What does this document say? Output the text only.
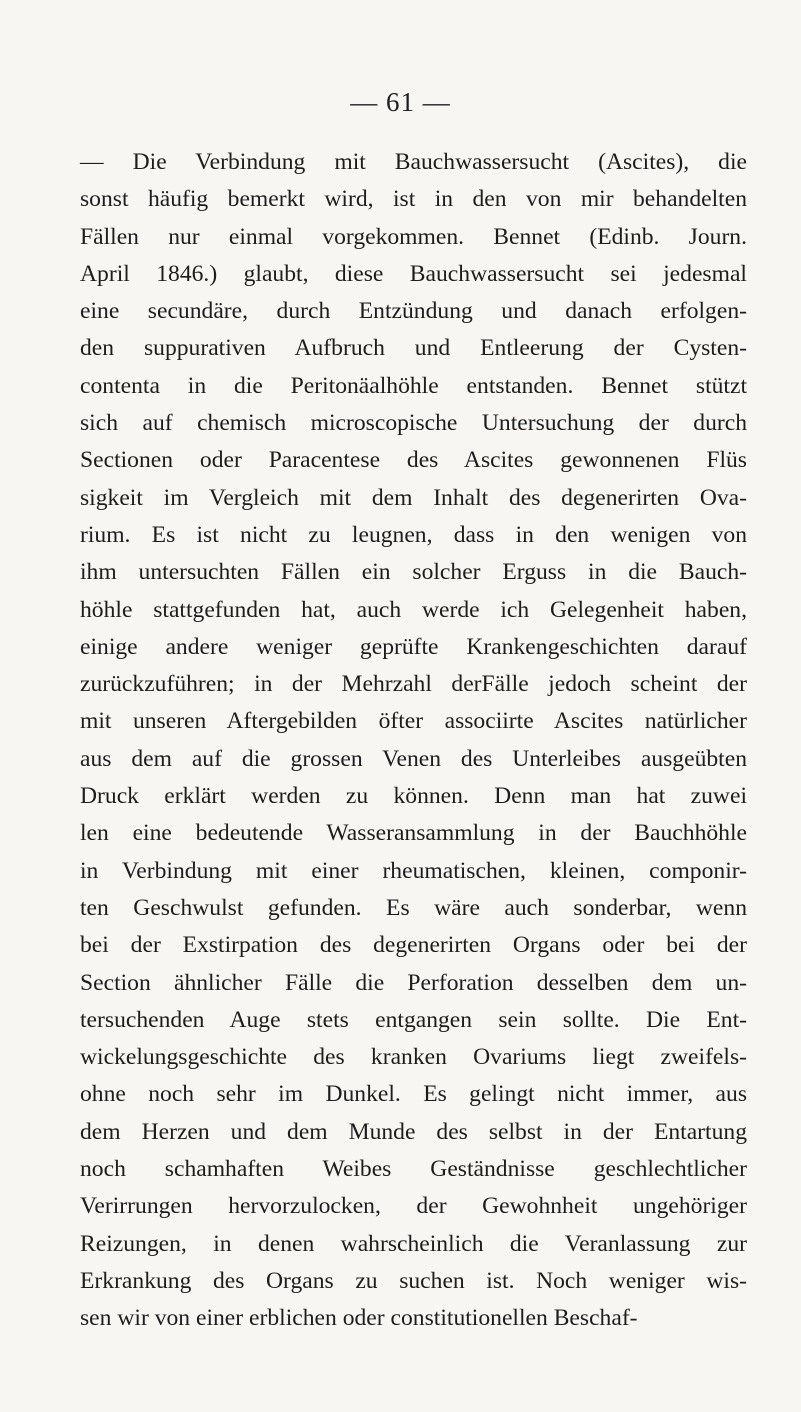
— 61 —
— Die Verbindung mit Bauchwassersucht (Ascites), die
sonst häufig bemerkt wird, ist in den von mir behandelten
Fällen nur einmal vorgekommen. Bennet (Edinb. Journ.
April 1846.) glaubt, diese Bauchwassersucht sei jedesmal
eine secundäre, durch Entzündung und danach erfolgen-
den suppurativen Aufbruch und Entleerung der Cysten-
contenta in die Peritonäalhöhle entstanden. Bennet stützt
sich auf chemisch microscopische Untersuchung der durch
Sectionen oder Paracentese des Ascites gewonnenen Flüs
sigkeit im Vergleich mit dem Inhalt des degenerirten Ova-
rium. Es ist nicht zu leugnen, dass in den wenigen von
ihm untersuchten Fällen ein solcher Erguss in die Bauch-
höhle stattgefunden hat, auch werde ich Gelegenheit haben,
einige andere weniger geprüfte Krankengeschichten darauf
zurückzuführen; in der Mehrzahl derFälle jedoch scheint der
mit unseren Aftergebilden öfter associirte Ascites natürlicher
aus dem auf die grossen Venen des Unterleibes ausgeübten
Druck erklärt werden zu können. Denn man hat zuwei
len eine bedeutende Wasseransammlung in der Bauchhöhle
in Verbindung mit einer rheumatischen, kleinen, componir-
ten Geschwulst gefunden. Es wäre auch sonderbar, wenn
bei der Exstirpation des degenerirten Organs oder bei der
Section ähnlicher Fälle die Perforation desselben dem un-
tersuchenden Auge stets entgangen sein sollte. Die Ent-
wickelungsgeschichte des kranken Ovariums liegt zweifels-
ohne noch sehr im Dunkel. Es gelingt nicht immer, aus
dem Herzen und dem Munde des selbst in der Entartung
noch schamhaften Weibes Geständnisse geschlechtlicher
Verirrungen hervorzulocken, der Gewohnheit ungehöriger
Reizungen, in denen wahrscheinlich die Veranlassung zur
Erkrankung des Organs zu suchen ist. Noch weniger wis-
sen wir von einer erblichen oder constitutionellen Beschaf-
